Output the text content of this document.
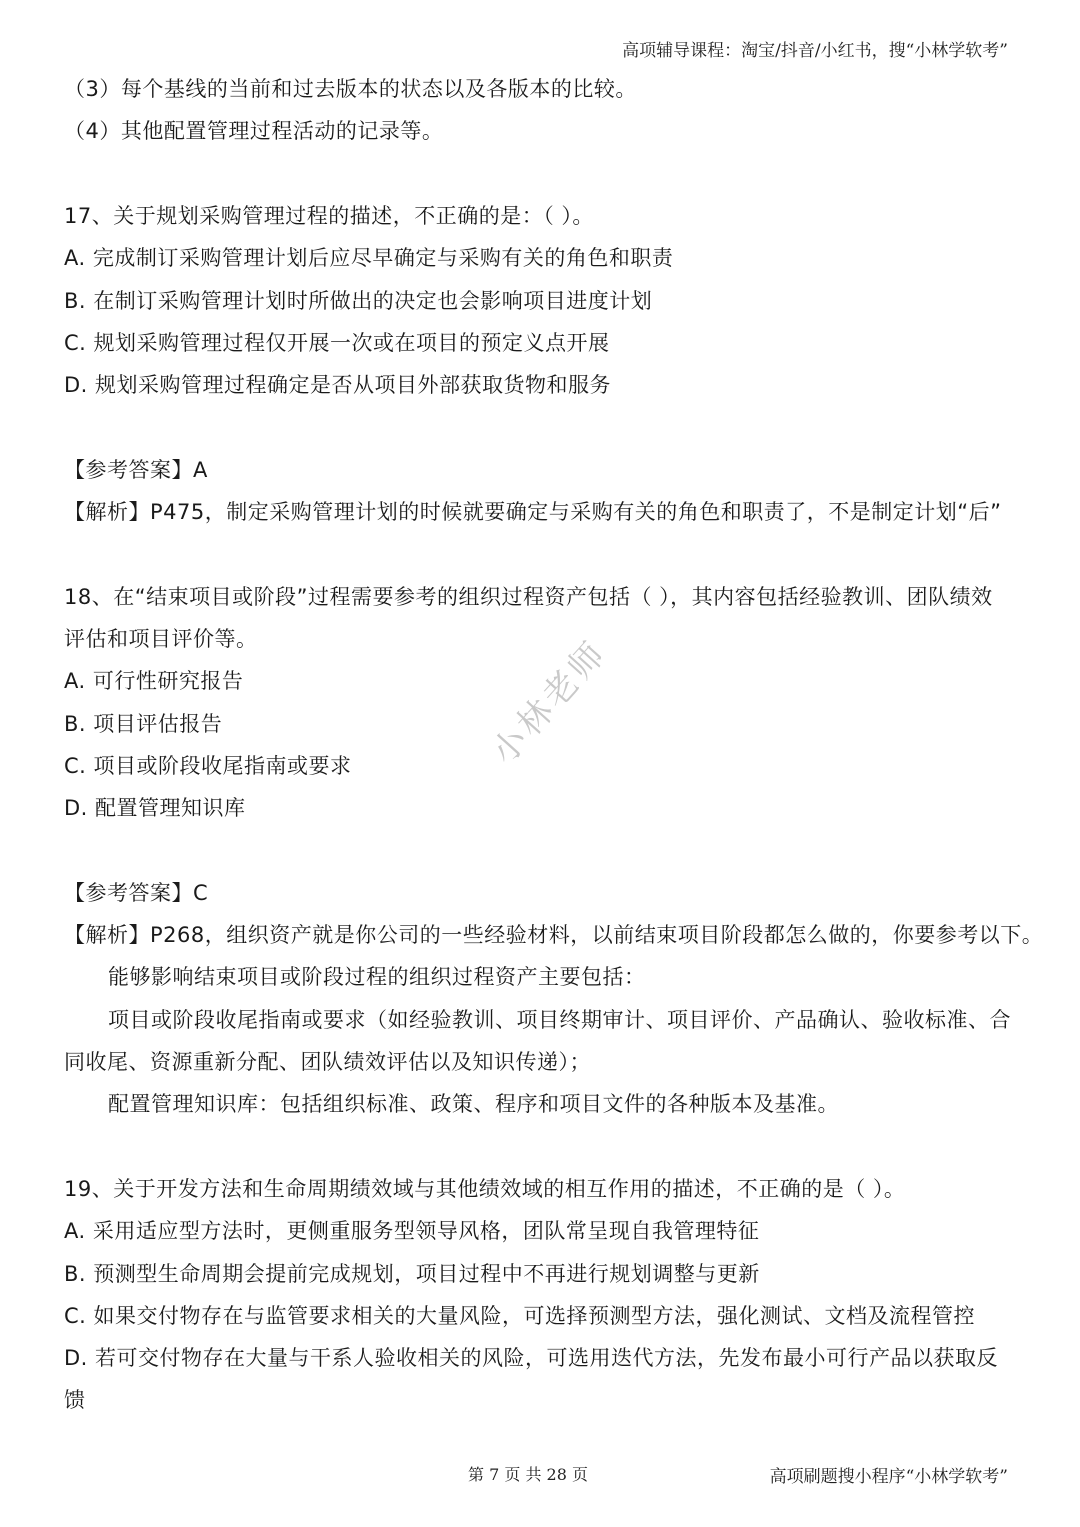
高项辅导课程：淘宝/抖音/小红书，搜“小林学软考”
（3）每个基线的当前和过去版本的状态以及各版本的比较。
（4）其他配置管理过程活动的记录等。
17、关于规划采购管理过程的描述，不正确的是：（ ）。
A. 完成制订采购管理计划后应尽早确定与采购有关的角色和职责
B. 在制订采购管理计划时所做出的决定也会影响项目进度计划
C. 规划采购管理过程仅开展一次或在项目的预定义点开展
D. 规划采购管理过程确定是否从项目外部获取货物和服务
【参考答案】A
【解析】P475，制定采购管理计划的时候就要确定与采购有关的角色和职责了，不是制定计划“后”
18、在“结束项目或阶段”过程需要参考的组织过程资产包括（ ），其内容包括经验教训、团队绩效
评估和项目评价等。
A. 可行性研究报告
B. 项目评估报告
C. 项目或阶段收尾指南或要求
D. 配置管理知识库
【参考答案】C
【解析】P268，组织资产就是你公司的一些经验材料，以前结束项目阶段都怎么做的，你要参考以下。
能够影响结束项目或阶段过程的组织过程资产主要包括：
项目或阶段收尾指南或要求（如经验教训、项目终期审计、项目评价、产品确认、验收标准、合
同收尾、资源重新分配、团队绩效评估以及知识传递）；
配置管理知识库：包括组织标准、政策、程序和项目文件的各种版本及基准。
19、关于开发方法和生命周期绩效域与其他绩效域的相互作用的描述，不正确的是（ ）。
A. 采用适应型方法时，更侧重服务型领导风格，团队常呈现自我管理特征
B. 预测型生命周期会提前完成规划，项目过程中不再进行规划调整与更新
C. 如果交付物存在与监管要求相关的大量风险，可选择预测型方法，强化测试、文档及流程管控
D. 若可交付物存在大量与干系人验收相关的风险，可选用迭代方法，先发布最小可行产品以获取反
馈
小林老师
第 7 页 共 28 页	高项刷题搜小程序“小林学软考”
